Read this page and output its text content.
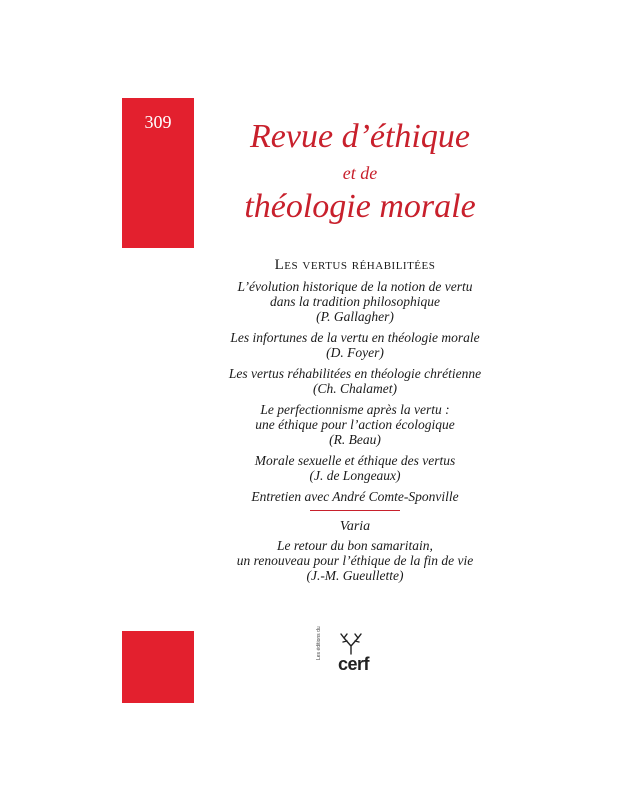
309	Revue d’éthique
et de
théologie morale
Les vertus réhabilitées
L’évolution historique de la notion de vertu
dans la tradition philosophique
(P. Gallagher)
Les infortunes de la vertu en théologie morale
(D. Foyer)
Les vertus réhabilitées en théologie chrétienne
(Ch. Chalamet)
Le perfectionnisme après la vertu :
une éthique pour l’action écologique
(R. Beau)
Morale sexuelle et éthique des vertus
(J. de Longeaux)
Entretien avec André Comte-Sponville
Varia
Le retour du bon samaritain,
un renouveau pour l’éthique de la fin de vie
(J.-M. Gueullette)
Les éditions du
cerf
